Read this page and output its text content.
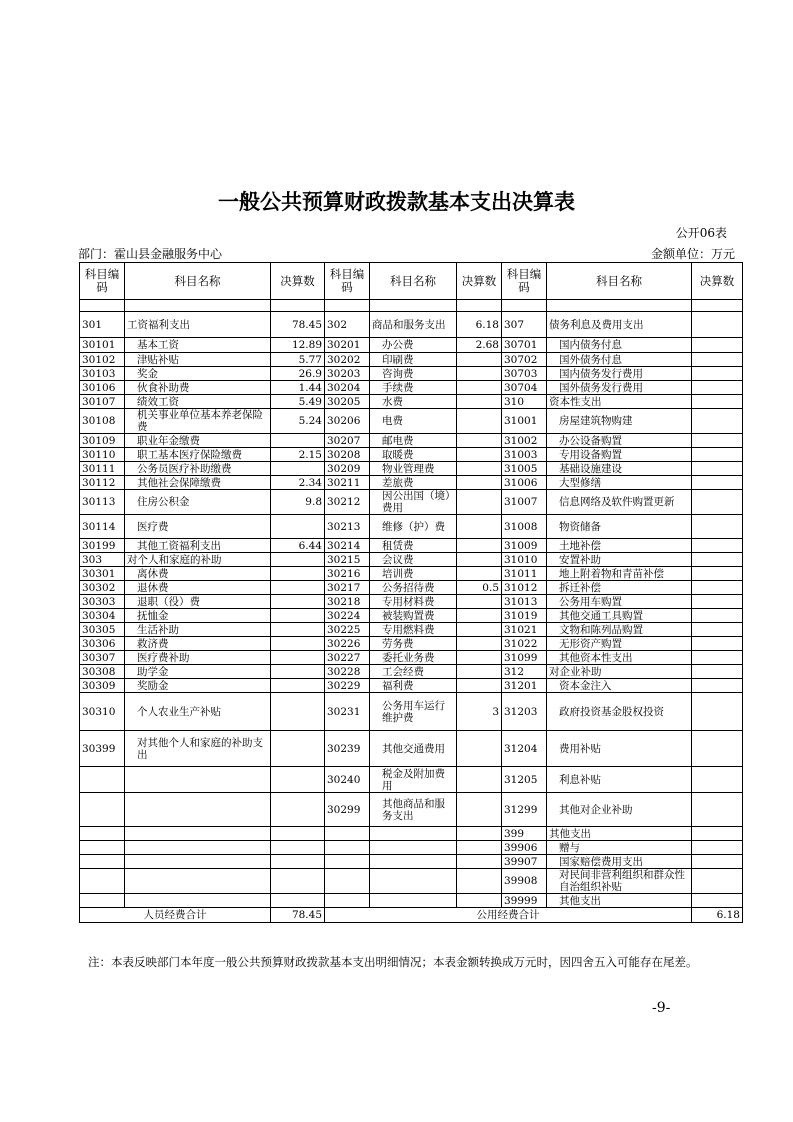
一般公共预算财政拨款基本支出决算表
公开06表
部门：霍山县金融服务中心	金额单位：万元
科目编码	科目名称	决算数	科目编码	科目名称	决算数	科目编码	科目名称	决算数

301	工资福利支出	78.45	302	商品和服务支出	6.18	307	债务利息及费用支出	
30101	基本工资	12.89	30201	办公费	2.68	30701	国内债务付息	
30102	津贴补贴	5.77	30202	印刷费		30702	国外债务付息	
30103	奖金	26.9	30203	咨询费		30703	国内债务发行费用	
30106	伙食补助费	1.44	30204	手续费		30704	国外债务发行费用	
30107	绩效工资	5.49	30205	水费		310	资本性支出	
30108	机关事业单位基本养老保险费	5.24	30206	电费		31001	房屋建筑物购建	
30109	职业年金缴费		30207	邮电费		31002	办公设备购置	
30110	职工基本医疗保险缴费	2.15	30208	取暖费		31003	专用设备购置	
30111	公务员医疗补助缴费		30209	物业管理费		31005	基础设施建设	
30112	其他社会保障缴费	2.34	30211	差旅费		31006	大型修缮	
30113	住房公积金	9.8	30212	因公出国（境）费用		31007	信息网络及软件购置更新	
30114	医疗费		30213	维修（护）费		31008	物资储备	
30199	其他工资福利支出	6.44	30214	租赁费		31009	土地补偿	
303	对个人和家庭的补助		30215	会议费		31010	安置补助	
30301	离休费		30216	培训费		31011	地上附着物和青苗补偿	
30302	退休费		30217	公务招待费	0.5	31012	拆迁补偿	
30303	退职（役）费		30218	专用材料费		31013	公务用车购置	
30304	抚恤金		30224	被装购置费		31019	其他交通工具购置	
30305	生活补助		30225	专用燃料费		31021	文物和陈列品购置	
30306	救济费		30226	劳务费		31022	无形资产购置	
30307	医疗费补助		30227	委托业务费		31099	其他资本性支出	
30308	助学金		30228	工会经费		312	对企业补助	
30309	奖励金		30229	福利费		31201	资本金注入	
30310	个人农业生产补贴		30231	公务用车运行维护费	3	31203	政府投资基金股权投资	
30399	对其他个人和家庭的补助支出		30239	其他交通费用		31204	费用补贴	
			30240	税金及附加费用		31205	利息补贴	
			30299	其他商品和服务支出		31299	其他对企业补助	
						399	其他支出	
						39906	赠与	
						39907	国家赔偿费用支出	
						39908	对民间非营利组织和群众性自治组织补贴	
						39999	其他支出	
人员经费合计		78.45	公用经费合计					6.18
注：本表反映部门本年度一般公共预算财政拨款基本支出明细情况；本表金额转换成万元时，因四舍五入可能存在尾差。
-9-
